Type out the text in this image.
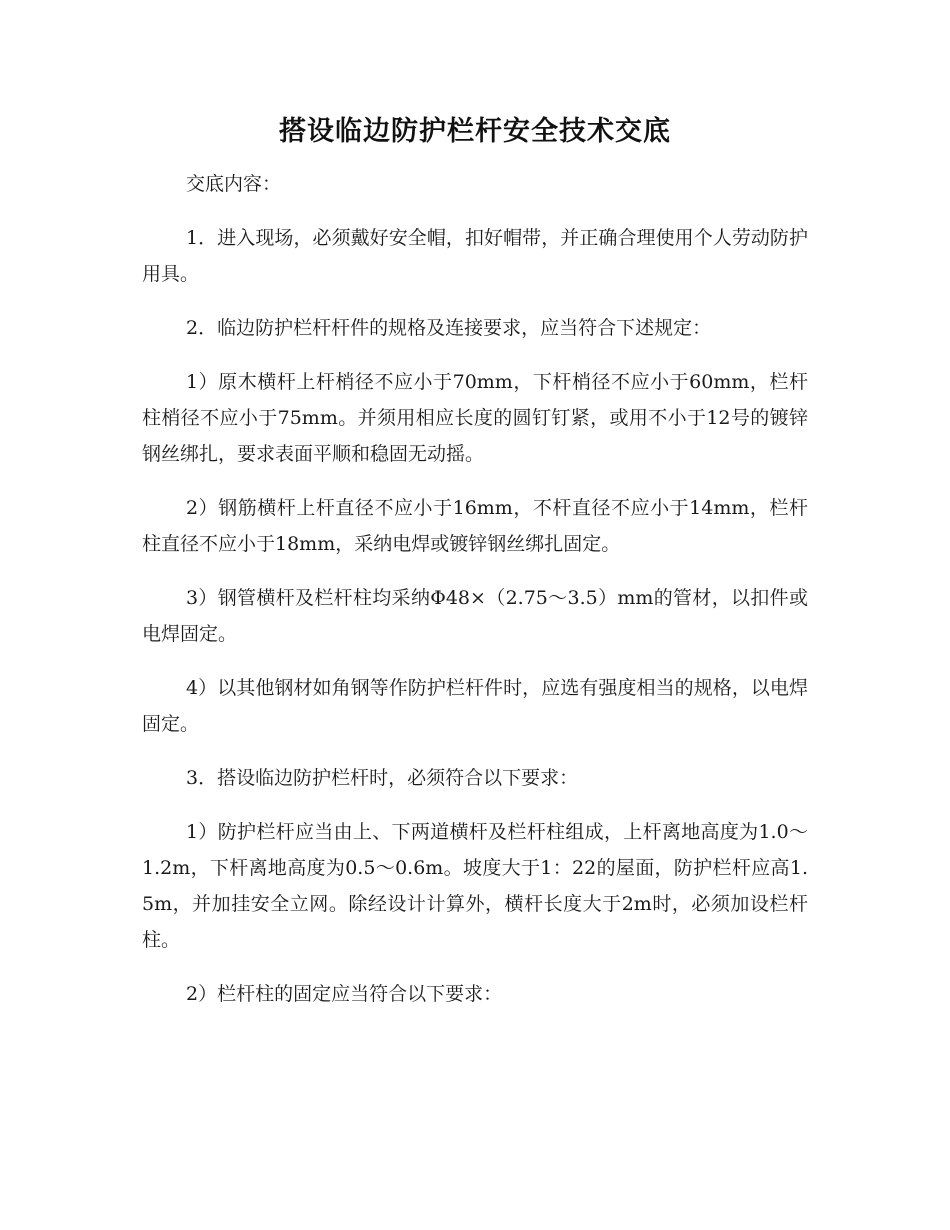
搭设临边防护栏杆安全技术交底

交底内容：

1．进入现场，必须戴好安全帽，扣好帽带，并正确合理使用个人劳动防护用具。

2．临边防护栏杆杆件的规格及连接要求，应当符合下述规定：

1）原木横杆上杆梢径不应小于70mm，下杆梢径不应小于60mm，栏杆柱梢径不应小于75mm。并须用相应长度的圆钉钉紧，或用不小于12号的镀锌钢丝绑扎，要求表面平顺和稳固无动摇。

2）钢筋横杆上杆直径不应小于16mm，不杆直径不应小于14mm，栏杆柱直径不应小于18mm，采纳电焊或镀锌钢丝绑扎固定。

3）钢管横杆及栏杆柱均采纳Φ48×（2.75～3.5）mm的管材，以扣件或电焊固定。

4）以其他钢材如角钢等作防护栏杆件时，应选有强度相当的规格，以电焊固定。

3．搭设临边防护栏杆时，必须符合以下要求：

1）防护栏杆应当由上、下两道横杆及栏杆柱组成，上杆离地高度为1.0～1.2m，下杆离地高度为0.5～0.6m。坡度大于1：22的屋面，防护栏杆应高1.5m，并加挂安全立网。除经设计计算外，横杆长度大于2m时，必须加设栏杆柱。

2）栏杆柱的固定应当符合以下要求：
